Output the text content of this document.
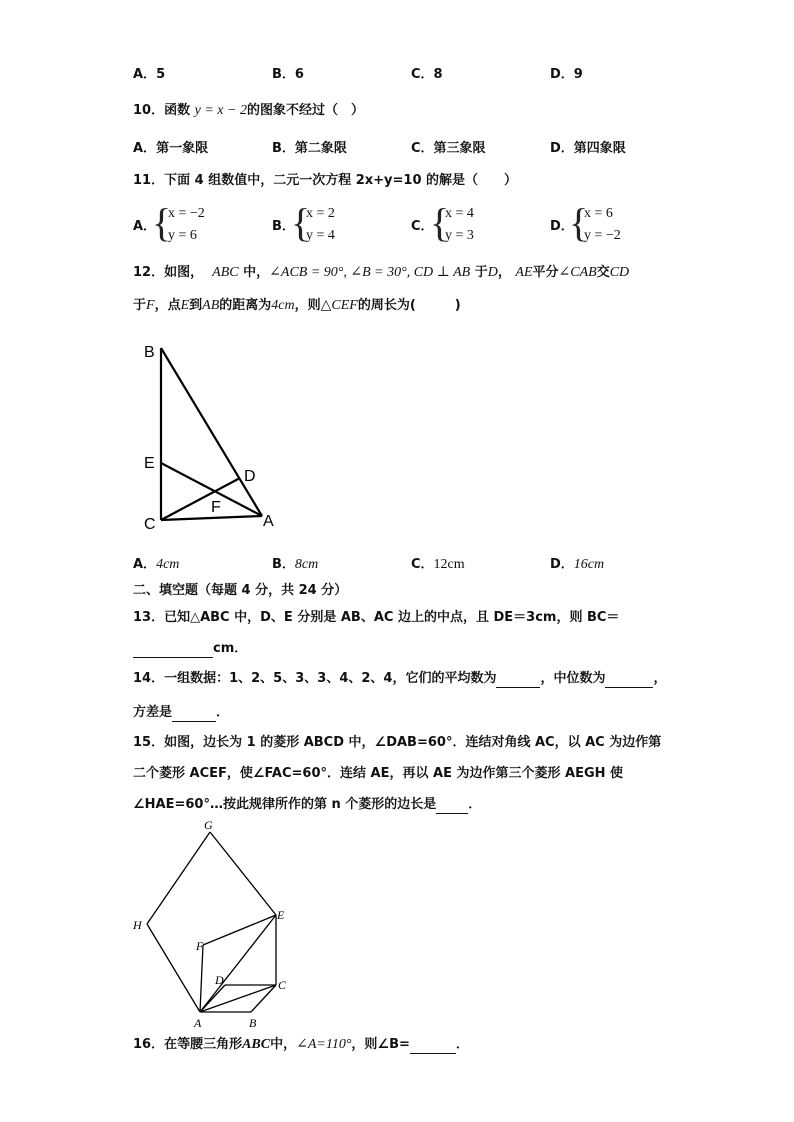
A．5	B．6	C．8	D．9
10．函数 y = x − 2的图象不经过（　）
A．第一象限	B．第二象限	C．第三象限	D．第四象限
11．下面 4 组数值中，二元一次方程 2x+y=10 的解是（　　）
A．
{
x = −2
y = 6
B．
{
x = 2
y = 4
C．
{
x = 4
y = 3
D．
{
x = 6
y = −2
12．如图， ABC 中，∠ACB = 90°, ∠B = 30°, CD ⊥ AB 于D， AE平分∠CAB交CD
于F，点E到AB的距离为4cm，则△CEF的周长为(　　　)
B
E
D
F
C	A
A．4cm	B．8cm	C．12cm	D．16cm
二、填空题（每题 4 分，共 24 分）
13．已知△ABC 中，D、E 分别是 AB、AC 边上的中点，且 DE＝3cm，则 BC＝
cm．
14．一组数据：1、2、5、3、3、4、2、4，它们的平均数为	，中位数为	，
方差是	．
15．如图，边长为 1 的菱形 ABCD 中，∠DAB=60°．连结对角线 AC，以 AC 为边作第
二个菱形 ACEF，使∠FAC=60°．连结 AE，再以 AE 为边作第三个菱形 AEGH 使
∠HAE=60°…按此规律所作的第 n 个菱形的边长是 ．
G
H
E
F
D	C
A	B
16．在等腰三角形ABC中，∠A=110°，则∠B=	．
